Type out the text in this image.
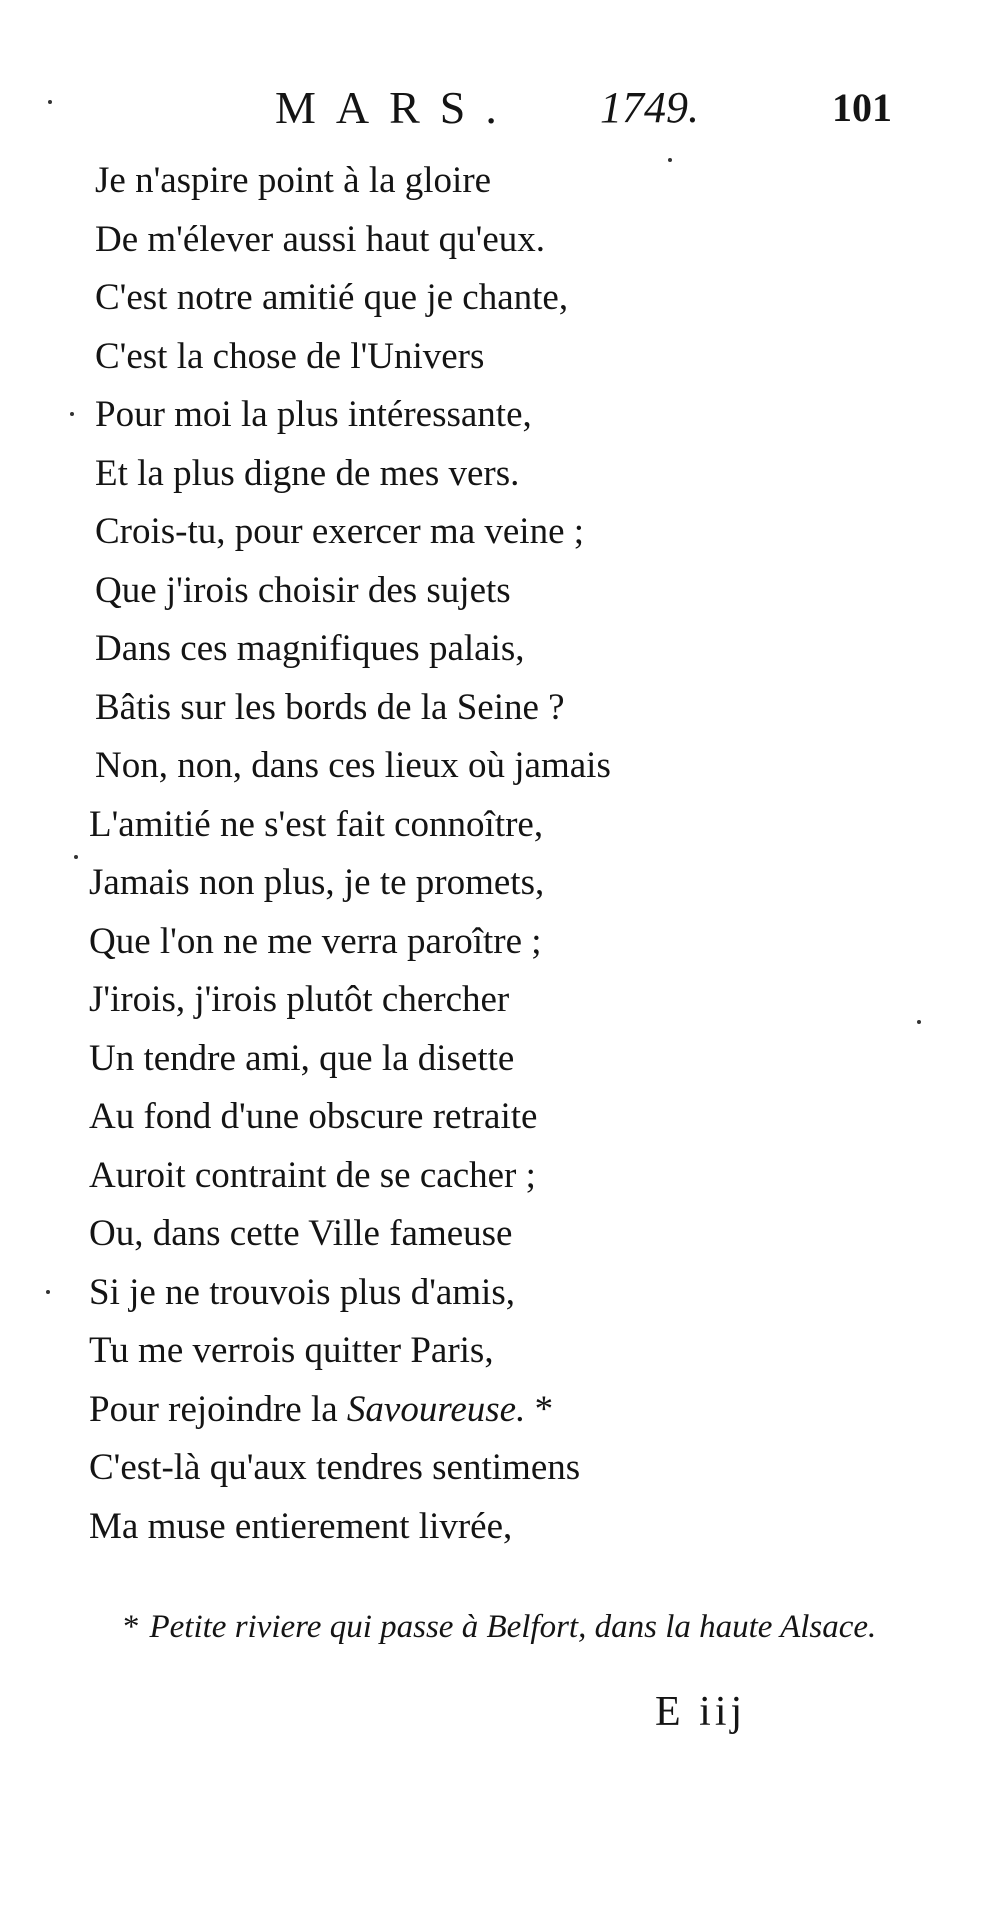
MARS. 1749.	101
Je n'aspire point à la gloire
De m'élever aussi haut qu'eux.
C'est notre amitié que je chante,
C'est la chose de l'Univers
Pour moi la plus intéressante,
Et la plus digne de mes vers.
Crois-tu, pour exercer ma veine ;
Que j'irois choisir des sujets
Dans ces magnifiques palais,
Bâtis sur les bords de la Seine ?
Non, non, dans ces lieux où jamais
L'amitié ne s'est fait connoître,
Jamais non plus, je te promets,
Que l'on ne me verra paroître ;
J'irois, j'irois plutôt chercher
Un tendre ami, que la disette
Au fond d'une obscure retraite
Auroit contraint de se cacher ;
Ou, dans cette Ville fameuse
Si je ne trouvois plus d'amis,
Tu me verrois quitter Paris,
Pour rejoindre la Savoureuse. *
C'est-là qu'aux tendres sentimens
Ma muse entierement livrée,
* Petite riviere qui passe à Belfort, dans la haute Alsace.
E iij
